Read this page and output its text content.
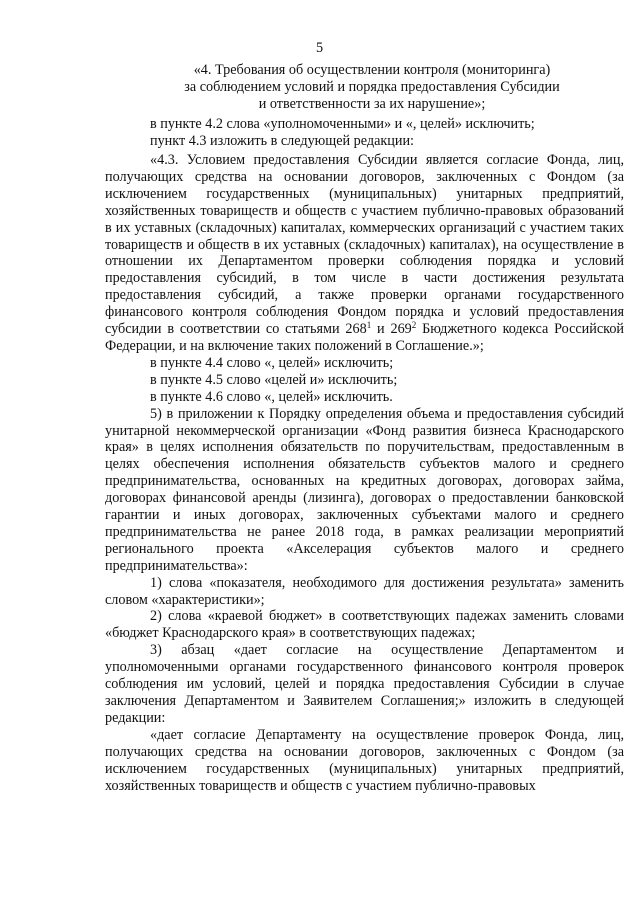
5
«4. Требования об осуществлении контроля (мониторинга)
за соблюдением условий и порядка предоставления Субсидии
и ответственности за их нарушение»;
в пункте 4.2 слова «уполномоченными» и «, целей» исключить;
пункт 4.3 изложить в следующей редакции:

«4.3. Условием предоставления Субсидии является согласие Фонда, лиц, получающих средства на основании договоров, заключенных с Фондом (за исключением государственных (муниципальных) унитарных предприятий, хозяйственных товариществ и обществ с участием публично-правовых образований в их уставных (складочных) капиталах, коммерческих организаций с участием таких товариществ и обществ в их уставных (складочных) капиталах), на осуществление в отношении их Департаментом проверки соблюдения порядка и условий предоставления субсидий, в том числе в части достижения результата предоставления субсидий, а также проверки органами государственного финансового контроля соблюдения Фондом порядка и условий предоставления субсидии в соответствии со статьями $268^1$ и $269^2$ Бюджетного кодекса Российской Федерации, и на включение таких положений в Соглашение.»;

в пункте 4.4 слово «, целей» исключить;

в пункте 4.5 слово «целей и» исключить;

в пункте 4.6 слово «, целей» исключить.

5) в приложении к Порядку определения объема и предоставления субсидий унитарной некоммерческой организации «Фонд развития бизнеса Краснодарского края» в целях исполнения обязательств по поручительствам, предоставленным в целях обеспечения исполнения обязательств субъектов малого и среднего предпринимательства, основанных на кредитных договорах, договорах займа, договорах финансовой аренды (лизинга), договорах о предоставлении банковской гарантии и иных договорах, заключенных субъектами малого и среднего предпринимательства не ранее 2018 года, в рамках реализации мероприятий регионального проекта «Акселерация субъектов малого и среднего предпринимательства»:

1) слова «показателя, необходимого для достижения результата» заменить словом «характеристики»;

2) слова «краевой бюджет» в соответствующих падежах заменить словами «бюджет Краснодарского края» в соответствующих падежах;

3) абзац «дает согласие на осуществление Департаментом и уполномоченными органами государственного финансового контроля проверок соблюдения им условий, целей и порядка предоставления Субсидии в случае заключения Департаментом и Заявителем Соглашения;» изложить в следующей редакции:

«дает согласие Департаменту на осуществление проверок Фонда, лиц, получающих средства на основании договоров, заключенных с Фондом (за исключением государственных (муниципальных) унитарных предприятий, хозяйственных товариществ и обществ с участием публично-правовых
